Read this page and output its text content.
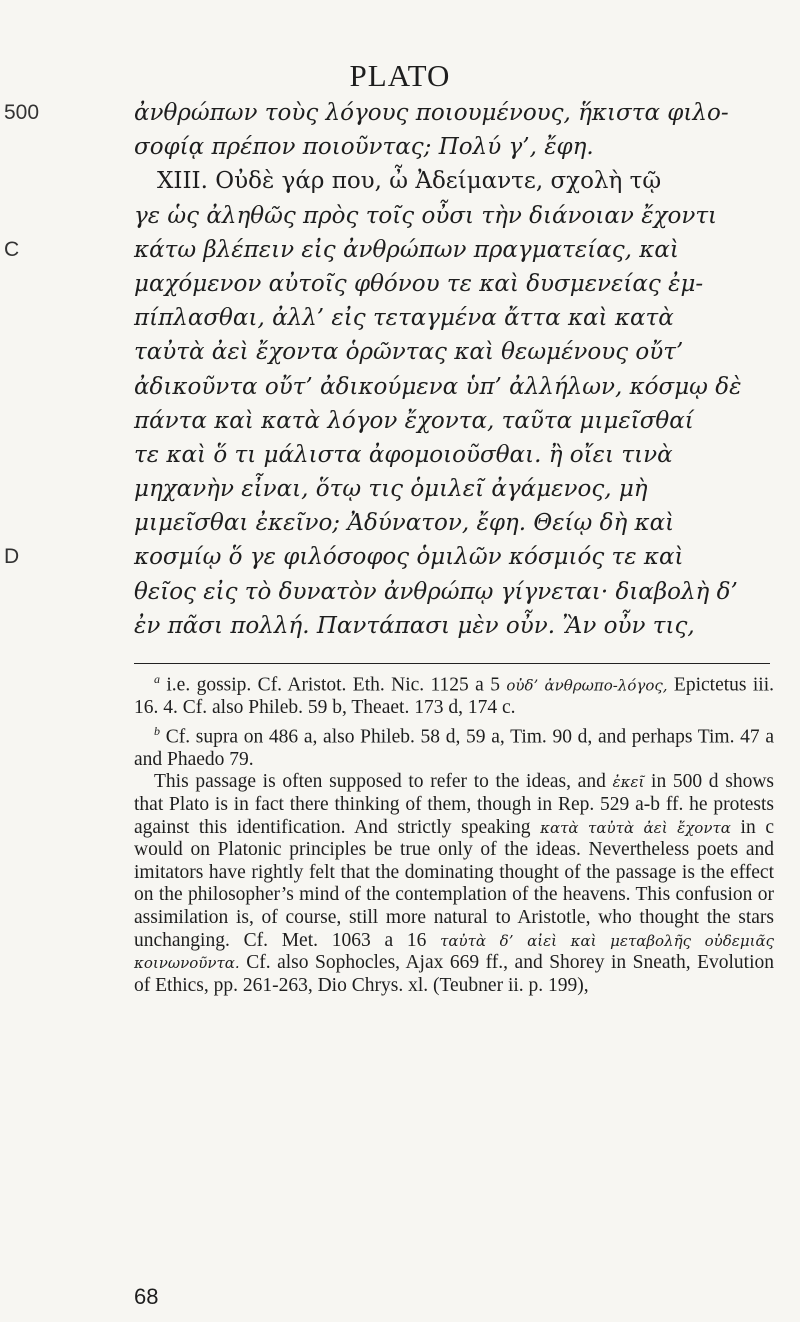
PLATO
500	ἀνθρώπων τοὺς λόγους ποιουμένους, ἥκιστα φιλο-
σοφίᾳ πρέπον ποιοῦντας; Πολύ γ’, ἔφη.
XIII. Οὐδὲ γάρ που, ὦ Ἀδείμαντε, σχολὴ τῷ
γε ὡς ἀληθῶς πρὸς τοῖς οὖσι τὴν διάνοιαν ἔχοντι
C	κάτω βλέπειν εἰς ἀνθρώπων πραγματείας, καὶ
μαχόμενον αὐτοῖς φθόνου τε καὶ δυσμενείας ἐμ-
πίπλασθαι, ἀλλ’ εἰς τεταγμένα ἄττα καὶ κατὰ
ταὐτὰ ἀεὶ ἔχοντα ὁρῶντας καὶ θεωμένους οὔτ’
ἀδικοῦντα οὔτ’ ἀδικούμενα ὑπ’ ἀλλήλων, κόσμῳ δὲ
πάντα καὶ κατὰ λόγον ἔχοντα, ταῦτα μιμεῖσθαί
τε καὶ ὅ τι μάλιστα ἀφομοιοῦσθαι. ἢ οἴει τινὰ
μηχανὴν εἶναι, ὅτῳ τις ὁμιλεῖ ἀγάμενος, μὴ
μιμεῖσθαι ἐκεῖνο; Ἀδύνατον, ἔφη. Θείῳ δὴ καὶ
D	κοσμίῳ ὅ γε φιλόσοφος ὁμιλῶν κόσμιός τε καὶ
θεῖος εἰς τὸ δυνατὸν ἀνθρώπῳ γίγνεται· διαβολὴ δ’
ἐν πᾶσι πολλή. Παντάπασι μὲν οὖν. Ἂν οὖν τις,

$^a$ i.e. gossip. Cf. Aristot. Eth. Nic. 1125 a 5 οὐδ’ ἀνθρωπο-λόγος, Epictetus iii. 16. 4. Cf. also Phileb. 59 b, Theaet. 173 d, 174 c.

$^b$ Cf. supra on 486 a, also Phileb. 58 d, 59 a, Tim. 90 d, and perhaps Tim. 47 a and Phaedo 79.

This passage is often supposed to refer to the ideas, and ἐκεῖ in 500 d shows that Plato is in fact there thinking of them, though in Rep. 529 a-b ff. he protests against this identification. And strictly speaking κατὰ ταὐτὰ ἀεὶ ἔχοντα in c would on Platonic principles be true only of the ideas. Nevertheless poets and imitators have rightly felt that the dominating thought of the passage is the effect on the philosopher’s mind of the contemplation of the heavens. This confusion or assimilation is, of course, still more natural to Aristotle, who thought the stars unchanging. Cf. Met. 1063 a 16 ταὐτὰ δ’ αἰεὶ καὶ μεταβολῆς οὐδεμιᾶς κοινωνοῦντα. Cf. also Sophocles, Ajax 669 ff., and Shorey in Sneath, Evolution of Ethics, pp. 261-263, Dio Chrys. xl. (Teubner ii. p. 199),

68
